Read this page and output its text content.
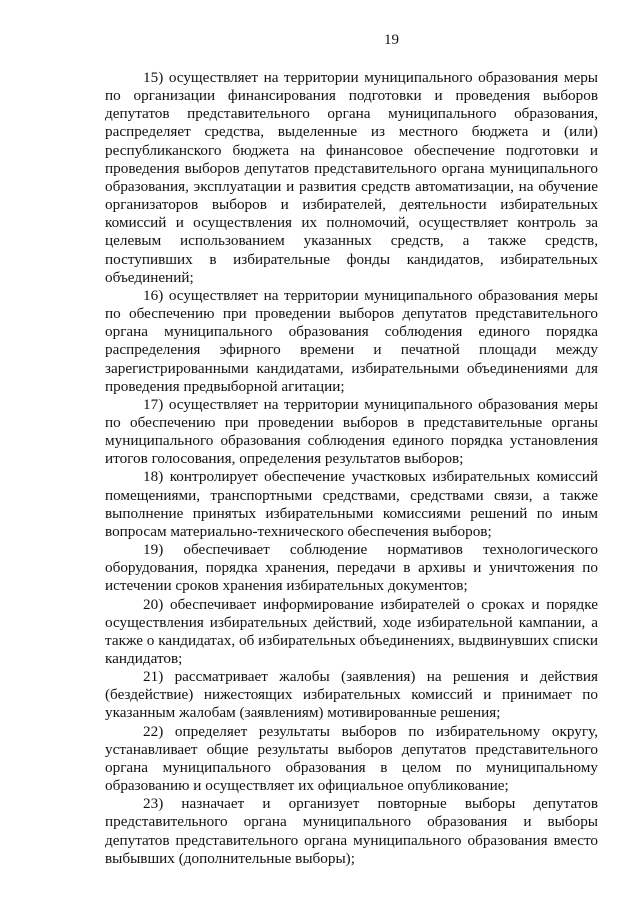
19

15) осуществляет на территории муниципального образования меры по организации финансирования подготовки и проведения выборов депутатов представительного органа муниципального образования, распределяет средства, выделенные из местного бюджета и (или) республиканского бюджета на финансовое обеспечение подготовки и проведения выборов депутатов представительного органа муниципального образования, эксплуатации и развития средств автоматизации, на обучение организаторов выборов и избирателей, деятельности избирательных комиссий и осуществления их полномочий, осуществляет контроль за целевым использованием указанных средств, а также средств, поступивших в избирательные фонды кандидатов, избирательных объединений;

16) осуществляет на территории муниципального образования меры по обеспечению при проведении выборов депутатов представительного органа муниципального образования соблюдения единого порядка распределения эфирного времени и печатной площади между зарегистрированными кандидатами, избирательными объединениями для проведения предвыборной агитации;

17) осуществляет на территории муниципального образования меры по обеспечению при проведении выборов в представительные органы муниципального образования соблюдения единого порядка установления итогов голосования, определения результатов выборов;

18) контролирует обеспечение участковых избирательных комиссий помещениями, транспортными средствами, средствами связи, а также выполнение принятых избирательными комиссиями решений по иным вопросам материально-технического обеспечения выборов;

19) обеспечивает соблюдение нормативов технологического оборудования, порядка хранения, передачи в архивы и уничтожения по истечении сроков хранения избирательных документов;

20) обеспечивает информирование избирателей о сроках и порядке осуществления избирательных действий, ходе избирательной кампании, а также о кандидатах, об избирательных объединениях, выдвинувших списки кандидатов;

21) рассматривает жалобы (заявления) на решения и действия (бездействие) нижестоящих избирательных комиссий и принимает по указанным жалобам (заявлениям) мотивированные решения;

22) определяет результаты выборов по избирательному округу, устанавливает общие результаты выборов депутатов представительного органа муниципального образования в целом по муниципальному образованию и осуществляет их официальное опубликование;

23) назначает и организует повторные выборы депутатов представительного органа муниципального образования и выборы депутатов представительного органа муниципального образования вместо выбывших (дополнительные выборы);
